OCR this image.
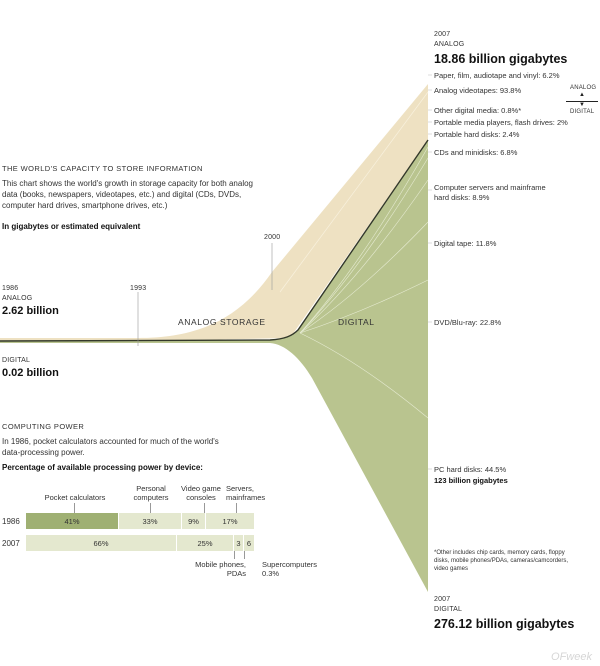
THE WORLD'S CAPACITY TO STORE INFORMATION
This chart shows the world's growth in storage capacity for both analog data (books, newspapers, videotapes, etc.) and digital (CDs, DVDs, computer hard drives, smartphone drives, etc.)
In gigabytes or estimated equivalent
1986
ANALOG
2.62 billion
DIGITAL
0.02 billion
1993
2000
ANALOG STORAGE	DIGITAL
2007
ANALOG
18.86 billion gigabytes
Paper, film, audiotape and vinyl: 6.2%
Analog videotapes: 93.8%
Other digital media: 0.8%*
Portable media players, flash drives: 2%
Portable hard disks: 2.4%
CDs and minidisks: 6.8%
Computer servers and mainframe hard disks: 8.9%
Digital tape: 11.8%
DVD/Blu-ray: 22.8%
PC hard disks: 44.5%
123 billion gigabytes
ANALOG
▲
▼
DIGITAL
*Other includes chip cards, memory cards, floppy disks, mobile phones/PDAs, cameras/camcorders, video games
2007
DIGITAL
276.12 billion gigabytes
COMPUTING POWER
In 1986, pocket calculators accounted for much of the world's data-processing power.
Percentage of available processing power by device:
Pocket calculators
Personal computers
Video game consoles
Servers, mainframes
1986	41%	33%	9%	17%
2007	66%	25%	3 6
Mobile phones, PDAs
Supercomputers 0.3%
OFweek
